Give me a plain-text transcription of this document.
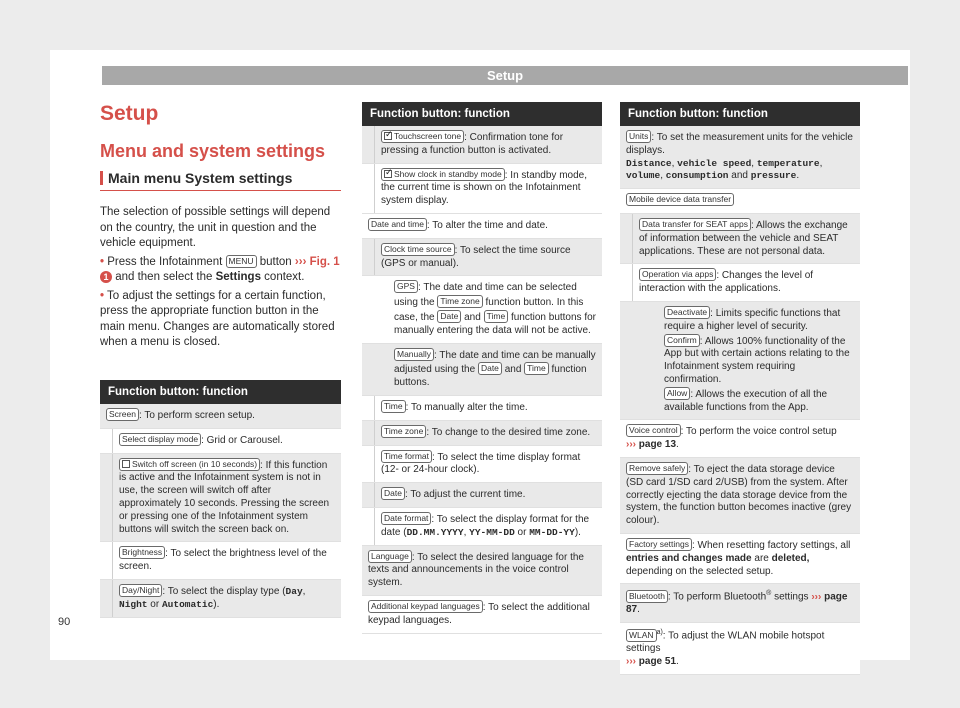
Setup
Setup
Menu and system settings
Main menu System settings

The selection of possible settings will depend on the country, the unit in question and the vehicle equipment.

• Press the Infotainment MENU button ››› Fig. 1 1 and then select the Settings context.

• To adjust the settings for a certain function, press the appropriate function button in the main menu. Changes are automatically stored when a menu is closed.

Function button: function
Screen : To perform screen setup.
Select display mode : Grid or Carousel.
Switch off screen (in 10 seconds) : If this function is active and the Infotainment system is not in use, the screen will switch off after approximately 10 seconds. Pressing the screen or pressing one of the Infotainment system buttons will switch the screen back on.
Brightness : To select the brightness level of the screen.
Day/Night : To select the display type (Day, Night or Automatic).
Function button: function
✓Touchscreen tone : Confirmation tone for pressing a function button is activated.
✓Show clock in standby mode : In standby mode, the current time is shown on the Infotainment system display.
Date and time : To alter the time and date.
Clock time source : To select the time source (GPS or manual).
GPS : The date and time can be selected using the Time zone function button. In this case, the Date and Time function buttons for manually entering the data will not be active.
Manually : The date and time can be manually adjusted using the Date and Time function buttons.
Time : To manually alter the time.
Time zone : To change to the desired time zone.
Time format : To select the time display format (12- or 24-hour clock).
Date : To adjust the current time.
Date format : To select the display format for the date (DD.MM.YYYY, YY-MM-DD or MM-DD-YY).
Language : To select the desired language for the texts and announcements in the voice control system.
Additional keypad languages : To select the additional keypad languages.
Function button: function
Units : To set the measurement units for the vehicle displays.
Distance, vehicle speed, temperature, volume, consumption and pressure.
Mobile device data transfer
Data transfer for SEAT apps : Allows the exchange of information between the vehicle and SEAT applications. These are not personal data.
Operation via apps : Changes the level of interaction with the applications.
Deactivate : Limits specific functions that require a higher level of security.
Confirm : Allows 100% functionality of the App but with certain actions relating to the Infotainment system requiring confirmation.
Allow : Allows the execution of all the available functions from the App.
Voice control : To perform the voice control setup
››› page 13.
Remove safely : To eject the data storage device (SD card 1/SD card 2/USB) from the system. After correctly ejecting the data storage device from the system, the function button becomes inactive (grey colour).
Factory settings : When resetting factory settings, all entries and changes made are deleted, depending on the selected setup.
Bluetooth : To perform Bluetooth® settings ››› page 87.
WLAN $^{a)}$: To adjust the WLAN mobile hotspot settings
››› page 51.
90
